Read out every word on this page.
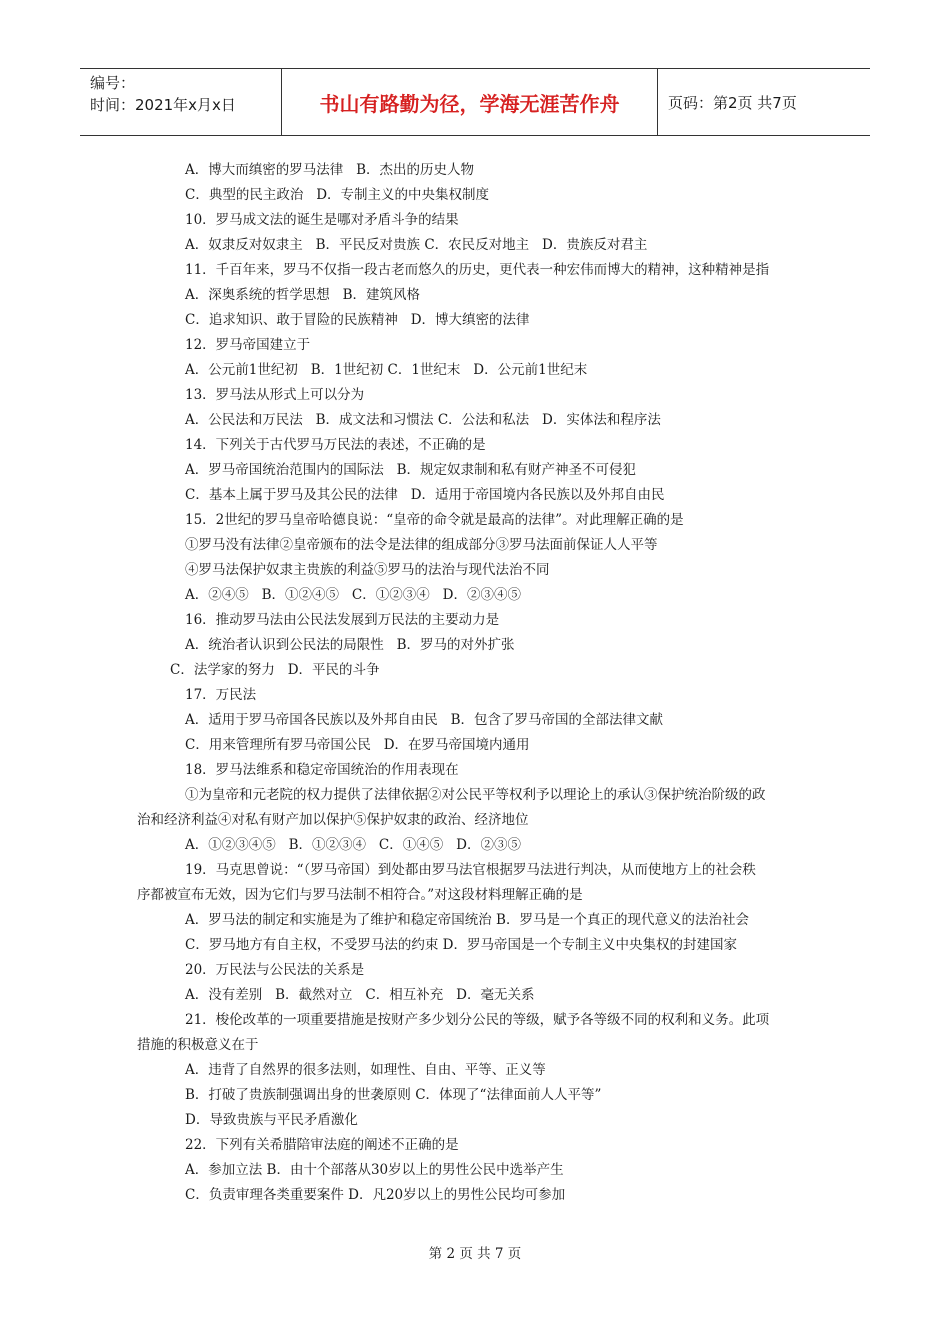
编号：
时间：2021年x月x日	书山有路勤为径，学海无涯苦作舟	页码：第2页 共7页
A．博大而缜密的罗马法律   B．杰出的历史人物
C．典型的民主政治   D．专制主义的中央集权制度
10．罗马成文法的诞生是哪对矛盾斗争的结果
A．奴隶反对奴隶主   B．平民反对贵族 C．农民反对地主   D．贵族反对君主
11．千百年来，罗马不仅指一段古老而悠久的历史，更代表一种宏伟而博大的精神，这种精神是指
A．深奥系统的哲学思想   B．建筑风格
C．追求知识、敢于冒险的民族精神   D．博大缜密的法律
12．罗马帝国建立于
A．公元前1世纪初   B．1世纪初 C．1世纪末   D．公元前1世纪末
13．罗马法从形式上可以分为
A．公民法和万民法   B．成文法和习惯法 C．公法和私法   D．实体法和程序法
14．下列关于古代罗马万民法的表述，不正确的是
A．罗马帝国统治范围内的国际法   B．规定奴隶制和私有财产神圣不可侵犯
C．基本上属于罗马及其公民的法律   D．适用于帝国境内各民族以及外邦自由民
15．2世纪的罗马皇帝哈德良说：“皇帝的命令就是最高的法律”。对此理解正确的是
①罗马没有法律②皇帝颁布的法令是法律的组成部分③罗马法面前保证人人平等
④罗马法保护奴隶主贵族的利益⑤罗马的法治与现代法治不同
A．②④⑤   B．①②④⑤   C．①②③④   D．②③④⑤
16．推动罗马法由公民法发展到万民法的主要动力是
A．统治者认识到公民法的局限性   B．罗马的对外扩张
C．法学家的努力   D．平民的斗争
17．万民法
A．适用于罗马帝国各民族以及外邦自由民   B．包含了罗马帝国的全部法律文献
C．用来管理所有罗马帝国公民   D．在罗马帝国境内通用
18．罗马法维系和稳定帝国统治的作用表现在
①为皇帝和元老院的权力提供了法律依据②对公民平等权利予以理论上的承认③保护统治阶级的政
治和经济利益④对私有财产加以保护⑤保护奴隶的政治、经济地位
A．①②③④⑤   B．①②③④   C．①④⑤   D．②③⑤
19．马克思曾说：“（罗马帝国）到处都由罗马法官根据罗马法进行判决，从而使地方上的社会秩
序都被宣布无效，因为它们与罗马法制不相符合。”对这段材料理解正确的是
A．罗马法的制定和实施是为了维护和稳定帝国统治 B．罗马是一个真正的现代意义的法治社会
C．罗马地方有自主权，不受罗马法的约束 D．罗马帝国是一个专制主义中央集权的封建国家
20．万民法与公民法的关系是
A．没有差别   B．截然对立   C．相互补充   D．毫无关系
21．梭伦改革的一项重要措施是按财产多少划分公民的等级，赋予各等级不同的权利和义务。此项
措施的积极意义在于
A．违背了自然界的很多法则，如理性、自由、平等、正义等
B．打破了贵族制强调出身的世袭原则 C．体现了“法律面前人人平等”
D．导致贵族与平民矛盾激化
22．下列有关希腊陪审法庭的阐述不正确的是
A．参加立法 B．由十个部落从30岁以上的男性公民中选举产生
C．负责审理各类重要案件 D．凡20岁以上的男性公民均可参加
第 2 页 共 7 页
